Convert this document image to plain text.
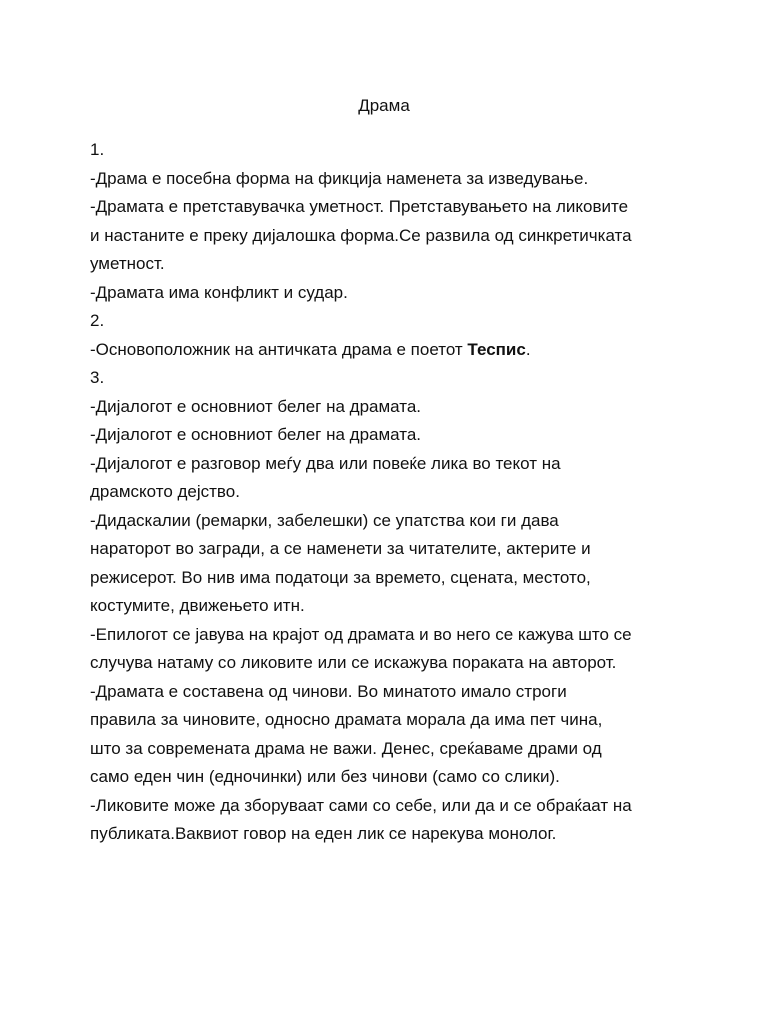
Драма
1.
-Драма е посебна форма на фикција наменета за изведување.
-Драмата е претставувачка уметност. Претставувањето на ликовите
и настаните е преку дијалошка форма.Се развила од синкретичката
уметност.
-Драмата има конфликт и судар.
2.
-Основоположник на античката драма е поетот Теспис.
3.
-Дијалогот е основниот белег на драмата.
-Дијалогот е основниот белег на драмата.
-Дијалогот е разговор меѓу два или повеќе лика во текот на
драмското дејство.
-Дидаскалии (ремарки, забелешки) се упатства кои ги дава
нараторот во загради, а се наменети за читателите, актерите и
режисерот. Во нив има податоци за времето, сцената, местото,
костумите, движењето итн.
-Епилогот се јавува на крајот од драмата и во него се кажува што се
случува натаму со ликовите или се искажува пораката на авторот.
-Драмата е составена од чинови. Во минатото имало строги
правила за чиновите, односно драмата морала да има пет чина,
што за современата драма не важи. Денес, среќаваме драми од
само еден чин (едночинки) или без чинови (само со слики).
-Ликовите може да зборуваат сами со себе, или да и се обраќаат на
публиката.Ваквиот говор на еден лик се нарекува монолог.
